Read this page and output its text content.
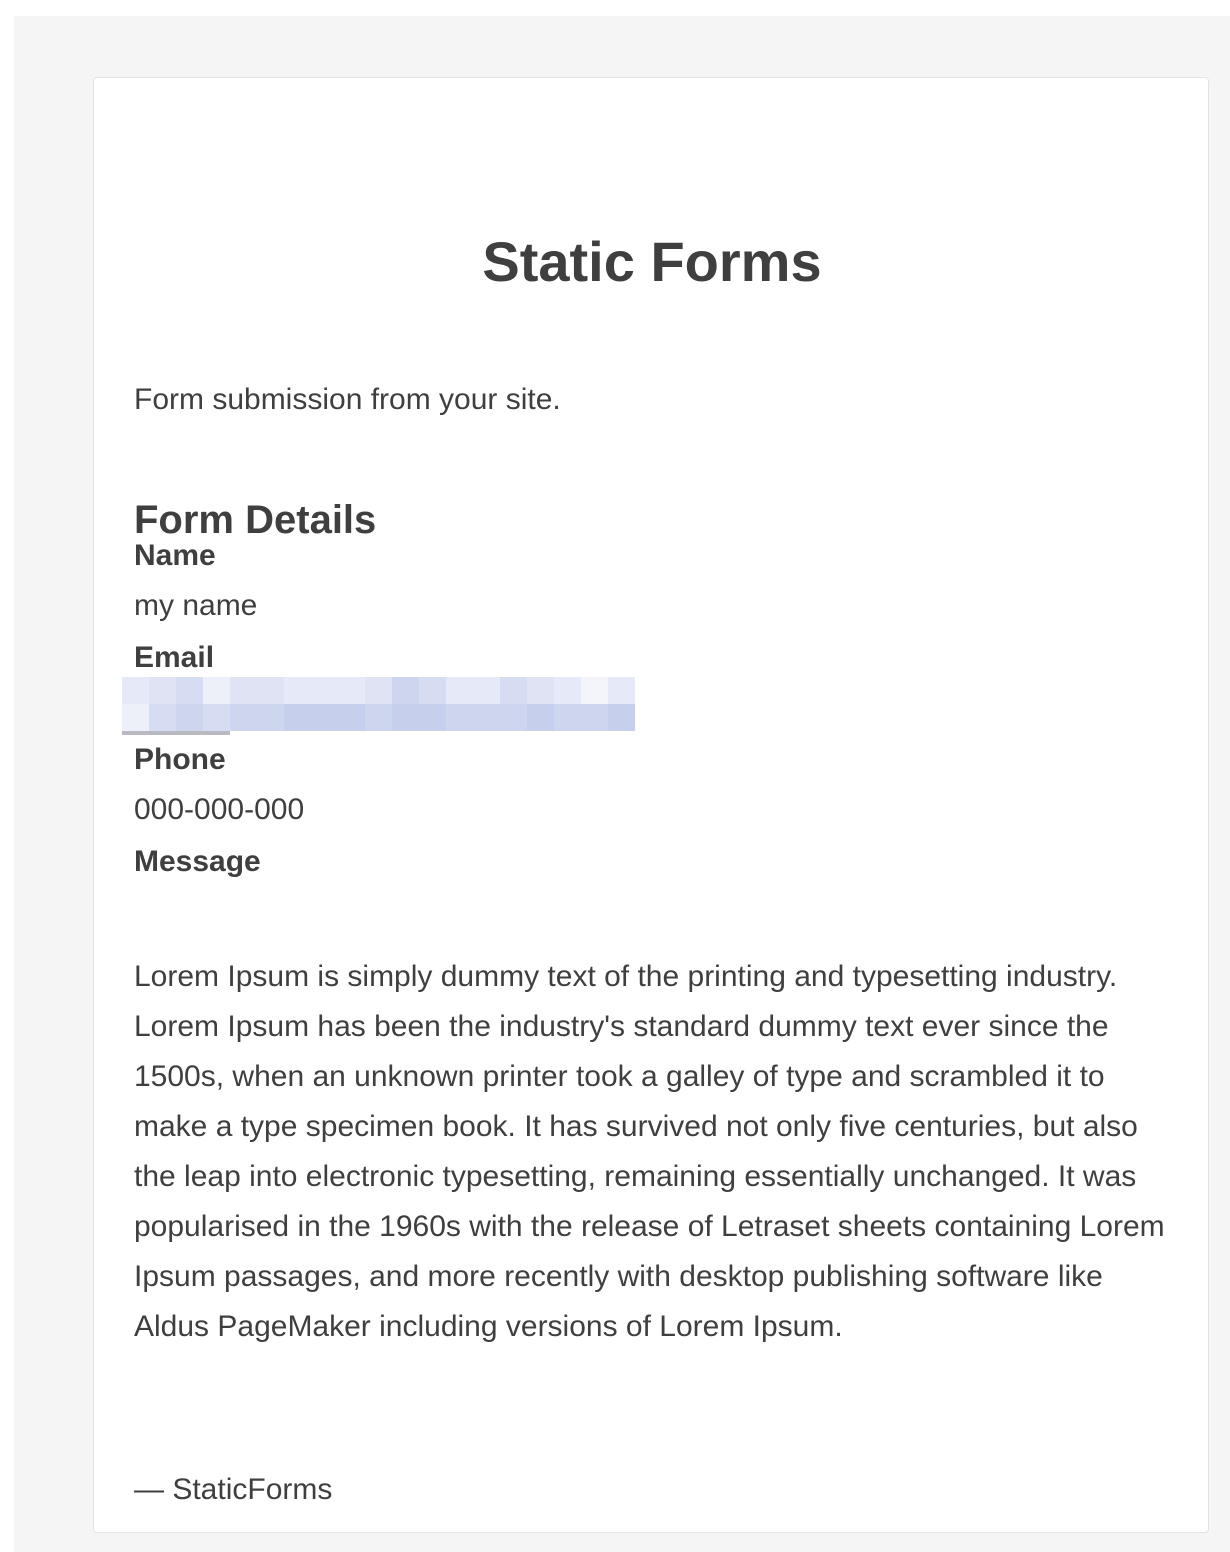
Static Forms

Form submission from your site.

Form Details
Name
my name
Email
Phone
000-000-000
Message

Lorem Ipsum is simply dummy text of the printing and typesetting industry. Lorem Ipsum has been the industry's standard dummy text ever since the 1500s, when an unknown printer took a galley of type and scrambled it to make a type specimen book. It has survived not only five centuries, but also the leap into electronic typesetting, remaining essentially unchanged. It was popularised in the 1960s with the release of Letraset sheets containing Lorem Ipsum passages, and more recently with desktop publishing software like Aldus PageMaker including versions of Lorem Ipsum.

— StaticForms
